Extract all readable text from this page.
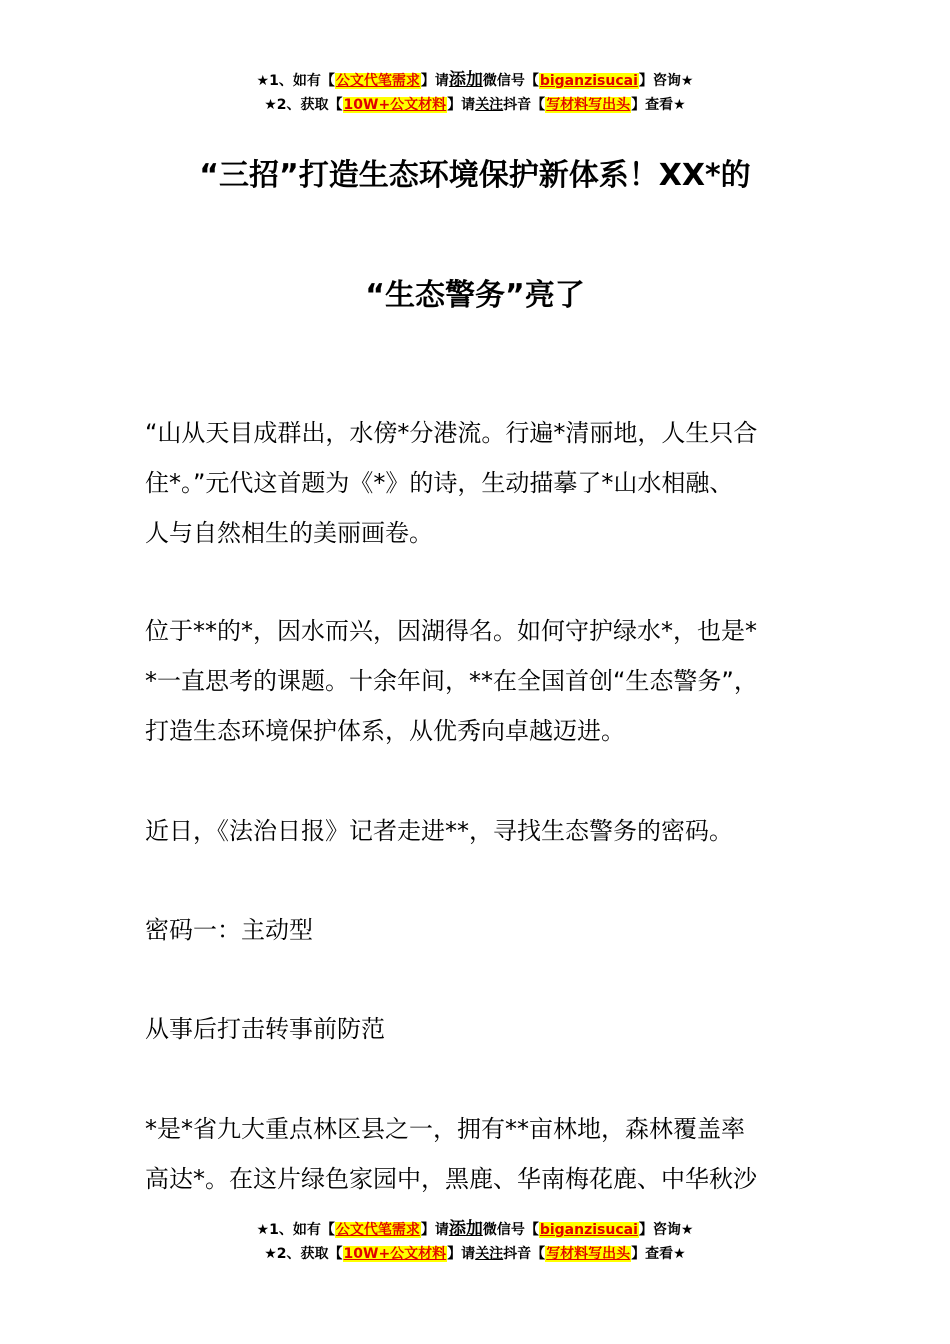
★1、如有【公文代笔需求】请添加微信号【biganzisucai】咨询★
★2、获取【10W+公文材料】请关注抖音【写材料写出头】查看★
“三招”打造生态环境保护新体系！XX*的
“生态警务”亮了

“山从天目成群出，水傍*分港流。行遍*清丽地，人生只合
住*。”元代这首题为《*》的诗，生动描摹了*山水相融、
人与自然相生的美丽画卷。

位于**的*，因水而兴，因湖得名。如何守护绿水*，也是*
*一直思考的课题。十余年间，**在全国首创“生态警务”，
打造生态环境保护体系，从优秀向卓越迈进。

近日，《法治日报》记者走进**，寻找生态警务的密码。

密码一：主动型

从事后打击转事前防范

*是*省九大重点林区县之一，拥有**亩林地，森林覆盖率
高达*。在这片绿色家园中，黑鹿、华南梅花鹿、中华秋沙

★1、如有【公文代笔需求】请添加微信号【biganzisucai】咨询★
★2、获取【10W+公文材料】请关注抖音【写材料写出头】查看★
